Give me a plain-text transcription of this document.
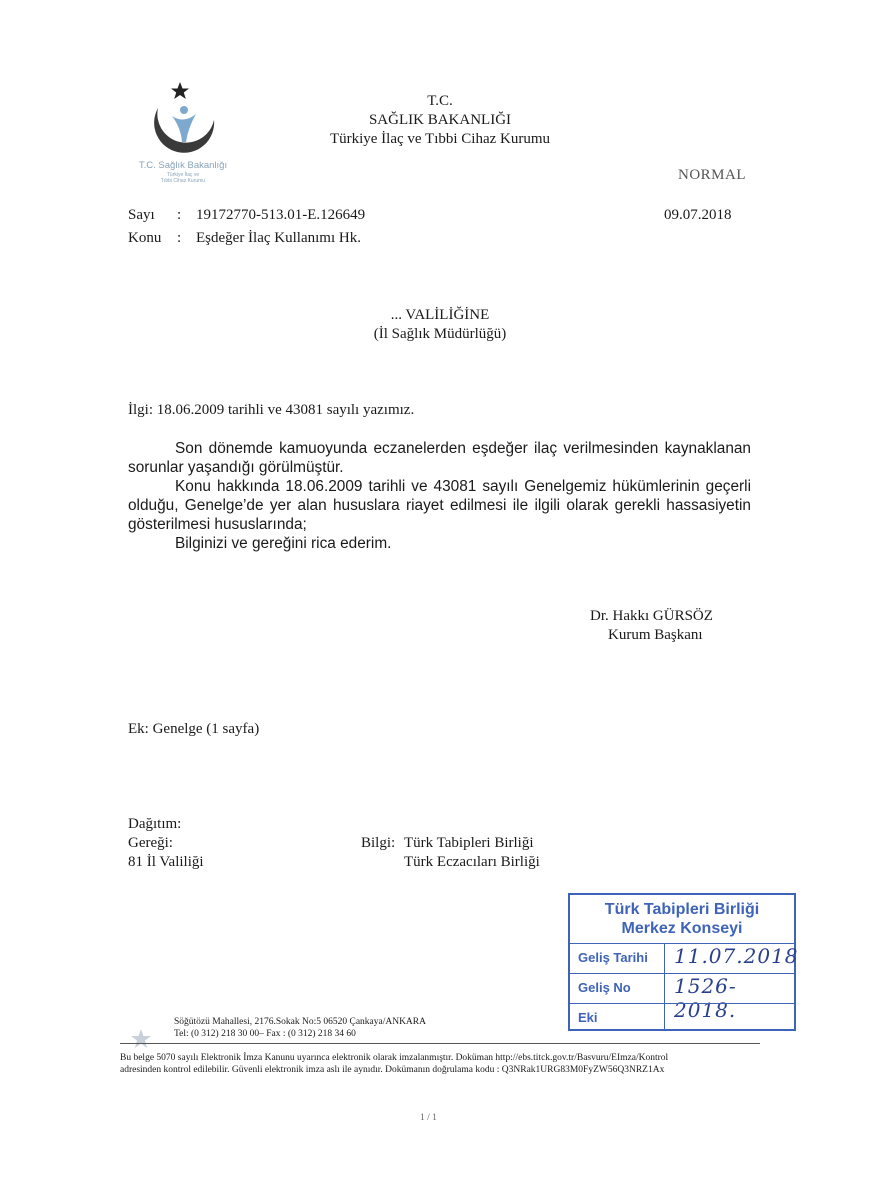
T.C. Sağlık Bakanlığı
Türkiye İlaç ve
Tıbbi Cihaz Kurumu
T.C.
SAĞLIK BAKANLIĞI
Türkiye İlaç ve Tıbbi Cihaz Kurumu
NORMAL
Sayı : 19172770-513.01-E.126649	09.07.2018
Konu : Eşdeğer İlaç Kullanımı Hk.
... VALİLİĞİNE
(İl Sağlık Müdürlüğü)
İlgi: 18.06.2009 tarihli ve 43081 sayılı yazımız.
Son dönemde kamuoyunda eczanelerden eşdeğer ilaç verilmesinden kaynaklanan sorunlar yaşandığı görülmüştür.
Konu hakkında 18.06.2009 tarihli ve 43081 sayılı Genelgemiz hükümlerinin geçerli olduğu, Genelge’de yer alan hususlara riayet edilmesi ile ilgili olarak gerekli hassasiyetin gösterilmesi hususlarında;
Bilginizi ve gereğini rica ederim.
Dr. Hakkı GÜRSÖZ
Kurum Başkanı
Ek: Genelge (1 sayfa)
Dağıtım:
Gereği:
81 İl Valiliği
Bilgi: Türk Tabipleri Birliği
Türk Eczacıları Birliği
Türk Tabipleri Birliği
Merkez Konseyi
Geliş Tarihi 11.07.2018
Geliş No 1526-2018.
Eki
Söğütözü Mahallesi, 2176.Sokak No:5 06520 Çankaya/ANKARA
Tel: (0 312) 218 30 00– Fax : (0 312) 218 34 60
Bu belge 5070 sayılı Elektronik İmza Kanunu uyarınca elektronik olarak imzalanmıştır. Doküman http://ebs.titck.gov.tr/Basvuru/EImza/Kontrol
adresinden kontrol edilebilir. Güvenli elektronik imza aslı ile aynıdır. Dokümanın doğrulama kodu : Q3NRak1URG83M0FyZW56Q3NRZ1Ax
1 / 1
